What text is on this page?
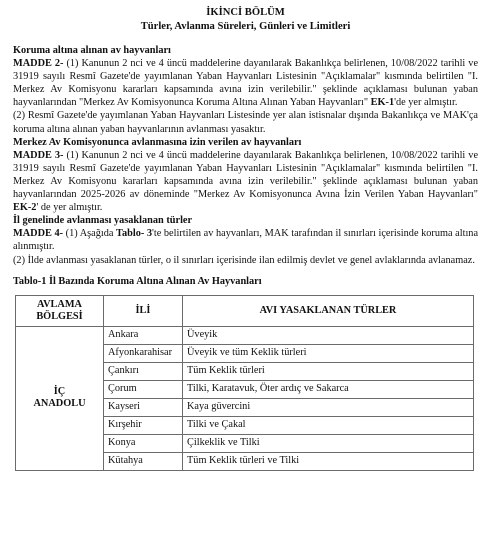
İKİNCİ BÖLÜM
Türler, Avlanma Süreleri, Günleri ve Limitleri
Koruma altına alınan av hayvanları
MADDE 2- (1) Kanunun 2 nci ve 4 üncü maddelerine dayanılarak Bakanlıkça belirlenen, 10/08/2022 tarihli ve 31919 sayılı Resmî Gazete'de yayımlanan Yaban Hayvanları Listesinin "Açıklamalar" kısmında belirtilen "I. Merkez Av Komisyonu kararları kapsamında avına izin verilebilir." şeklinde açıklaması bulunan yaban hayvanlarından "Merkez Av Komisyonunca Koruma Altına Alınan Yaban Hayvanları" EK-1'de yer almıştır.
(2) Resmî Gazete'de yayımlanan Yaban Hayvanları Listesinde yer alan istisnalar dışında Bakanlıkça ve MAK'ça koruma altına alınan yaban hayvanlarının avlanması yasaktır.
Merkez Av Komisyonunca avlanmasına izin verilen av hayvanları
MADDE 3- (1) Kanunun 2 nci ve 4 üncü maddelerine dayanılarak Bakanlıkça belirlenen, 10/08/2022 tarihli ve 31919 sayılı Resmî Gazete'de yayımlanan Yaban Hayvanları Listesinin "Açıklamalar" kısmında belirtilen "I. Merkez Av Komisyonu kararları kapsamında avına izin verilebilir." şeklinde açıklaması bulunan yaban hayvanlarından 2025-2026 av döneminde "Merkez Av Komisyonunca Avına İzin Verilen Yaban Hayvanları" EK-2' de yer almıştır.
İl genelinde avlanması yasaklanan türler
MADDE 4- (1) Aşağıda Tablo- 3'te belirtilen av hayvanları, MAK tarafından il sınırları içerisinde koruma altına alınmıştır.
(2) İlde avlanması yasaklanan türler, o il sınırları içerisinde ilan edilmiş devlet ve genel avlaklarında avlanamaz.
Tablo-1 İl Bazında Koruma Altına Alınan Av Hayvanları
AVLAMA
BÖLGESİ	İLİ	AVI YASAKLANAN TÜRLER

İÇ
ANADOLU	Ankara	Üveyik
	Afyonkarahisar	Üveyik ve tüm Keklik türleri
	Çankırı	Tüm Keklik türleri
	Çorum	Tilki, Karatavuk, Öter ardıç ve Sakarca
	Kayseri	Kaya güvercini
	Kırşehir	Tilki ve Çakal
	Konya	Çilkeklik ve Tilki
	Kütahya	Tüm Keklik türleri ve Tilki
